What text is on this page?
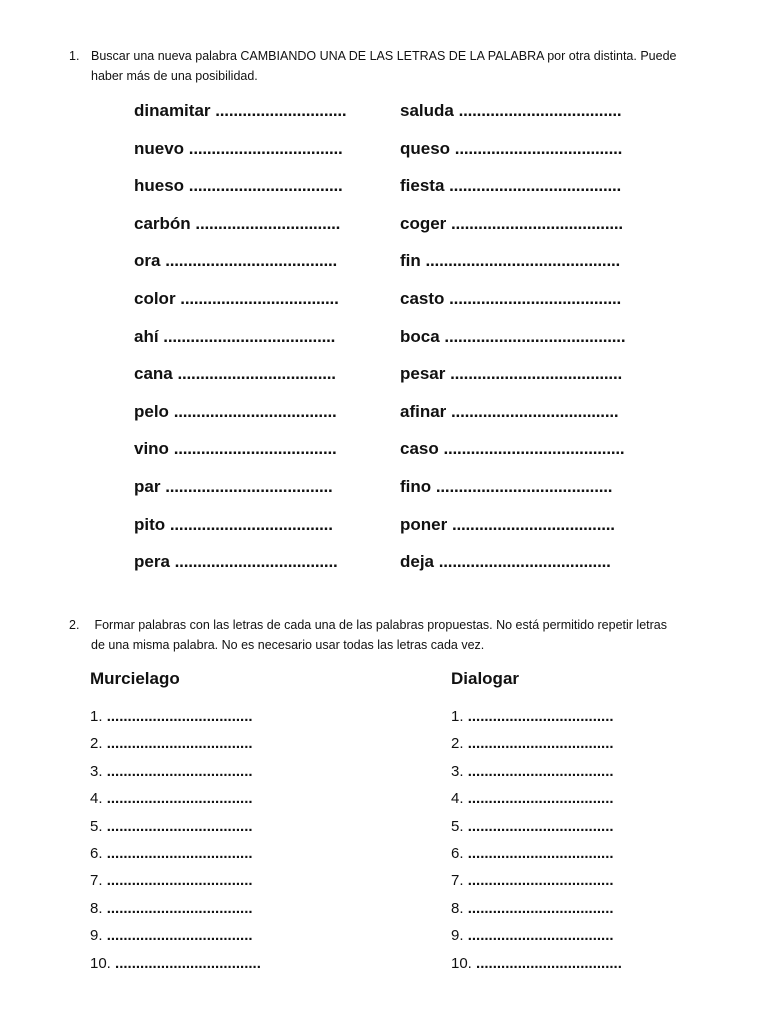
1. Buscar una nueva palabra CAMBIANDO UNA DE LAS LETRAS DE LA PALABRA por otra distinta. Puede
haber más de una posibilidad.
dinamitar .............................
nuevo ..................................
hueso ..................................
carbón ................................
ora ......................................
color ...................................
ahí ......................................
cana ...................................
pelo ....................................
vino ....................................
par .....................................
pito ....................................
pera ....................................
saluda ....................................
queso .....................................
fiesta ......................................
coger ......................................
fin ...........................................
casto ......................................
boca ........................................
pesar ......................................
afinar .....................................
caso ........................................
fino .......................................
poner ....................................
deja ......................................
2. Formar palabras con las letras de cada una de las palabras propuestas. No está permitido repetir letras
de una misma palabra. No es necesario usar todas las letras cada vez.
Murcielago	Dialogar
1. ...................................
2. ...................................
3. ...................................
4. ...................................
5. ...................................
6. ...................................
7. ...................................
8. ...................................
9. ...................................
10. ...................................
1. ...................................
2. ...................................
3. ...................................
4. ...................................
5. ...................................
6. ...................................
7. ...................................
8. ...................................
9. ...................................
10. ...................................
